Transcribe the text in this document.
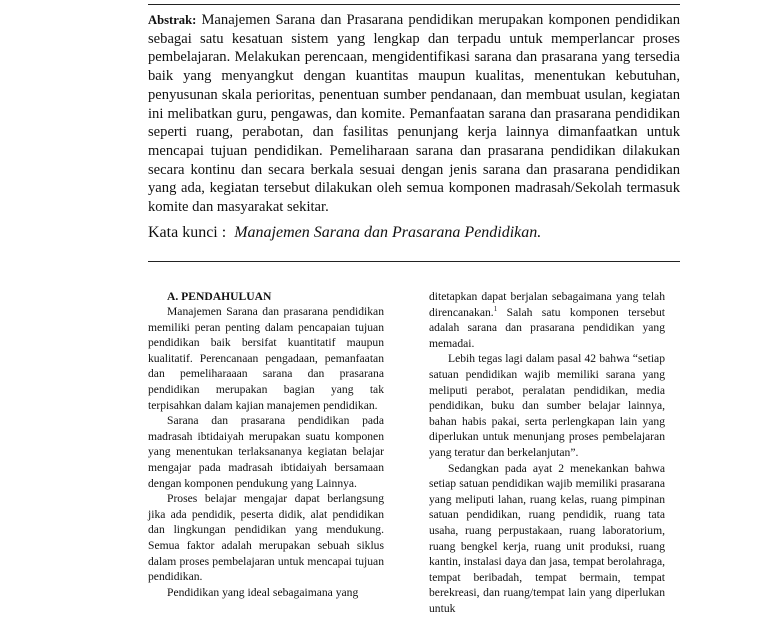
Abstrak: Manajemen Sarana dan Prasarana pendidikan merupakan komponen pendidikan sebagai satu kesatuan sistem yang lengkap dan terpadu untuk memperlancar proses pembelajaran. Melakukan perencaan, mengidentifikasi sarana dan prasarana yang tersedia baik yang menyangkut dengan kuantitas maupun kualitas, menentukan kebutuhan, penyusunan skala perioritas, penentuan sumber pendanaan, dan membuat usulan, kegiatan ini melibatkan guru, pengawas, dan komite. Pemanfaatan sarana dan prasarana pendidikan seperti ruang, perabotan, dan fasilitas penunjang kerja lainnya dimanfaatkan untuk mencapai tujuan pendidikan. Pemeliharaan sarana dan prasarana pendidikan dilakukan secara kontinu dan secara berkala sesuai dengan jenis sarana dan prasarana pendidikan yang ada, kegiatan tersebut dilakukan oleh semua komponen madrasah/Sekolah termasuk komite dan masyarakat sekitar.

Kata kunci : Manajemen Sarana dan Prasarana Pendidikan.

A. PENDAHULUAN

Manajemen Sarana dan prasarana pendidikan memiliki peran penting dalam pencapaian tujuan pendidikan baik bersifat kuantitatif maupun kualitatif. Perencanaan pengadaan, pemanfaatan dan pemeliharaaan sarana dan prasarana pendidikan merupakan bagian yang tak terpisahkan dalam kajian manajemen pendidikan.

Sarana dan prasarana pendidikan pada madrasah ibtidaiyah merupakan suatu komponen yang menentukan terlaksananya kegiatan belajar mengajar pada madrasah ibtidaiyah bersamaan dengan komponen pendukung yang Lainnya.

Proses belajar mengajar dapat berlangsung jika ada pendidik, peserta didik, alat pendidikan dan lingkungan pendidikan yang mendukung. Semua faktor adalah merupakan sebuah siklus dalam proses pembelajaran untuk mencapai tujuan pendidikan.

Pendidikan yang ideal sebagaimana yang

ditetapkan dapat berjalan sebagaimana yang telah direncanakan.$^1$ Salah satu komponen tersebut adalah sarana dan prasarana pendidikan yang memadai.

Lebih tegas lagi dalam pasal 42 bahwa “setiap satuan pendidikan wajib memiliki sarana yang meliputi perabot, peralatan pendidikan, media pendidikan, buku dan sumber belajar lainnya, bahan habis pakai, serta perlengkapan lain yang diperlukan untuk menunjang proses pembelajaran yang teratur dan berkelanjutan”.

Sedangkan pada ayat 2 menekankan bahwa setiap satuan pendidikan wajib memiliki prasarana yang meliputi lahan, ruang kelas, ruang pimpinan satuan pendidikan, ruang pendidik, ruang tata usaha, ruang perpustakaan, ruang laboratorium, ruang bengkel kerja, ruang unit produksi, ruang kantin, instalasi daya dan jasa, tempat berolahraga, tempat beribadah, tempat bermain, tempat berekreasi, dan ruang/tempat lain yang diperlukan untuk
